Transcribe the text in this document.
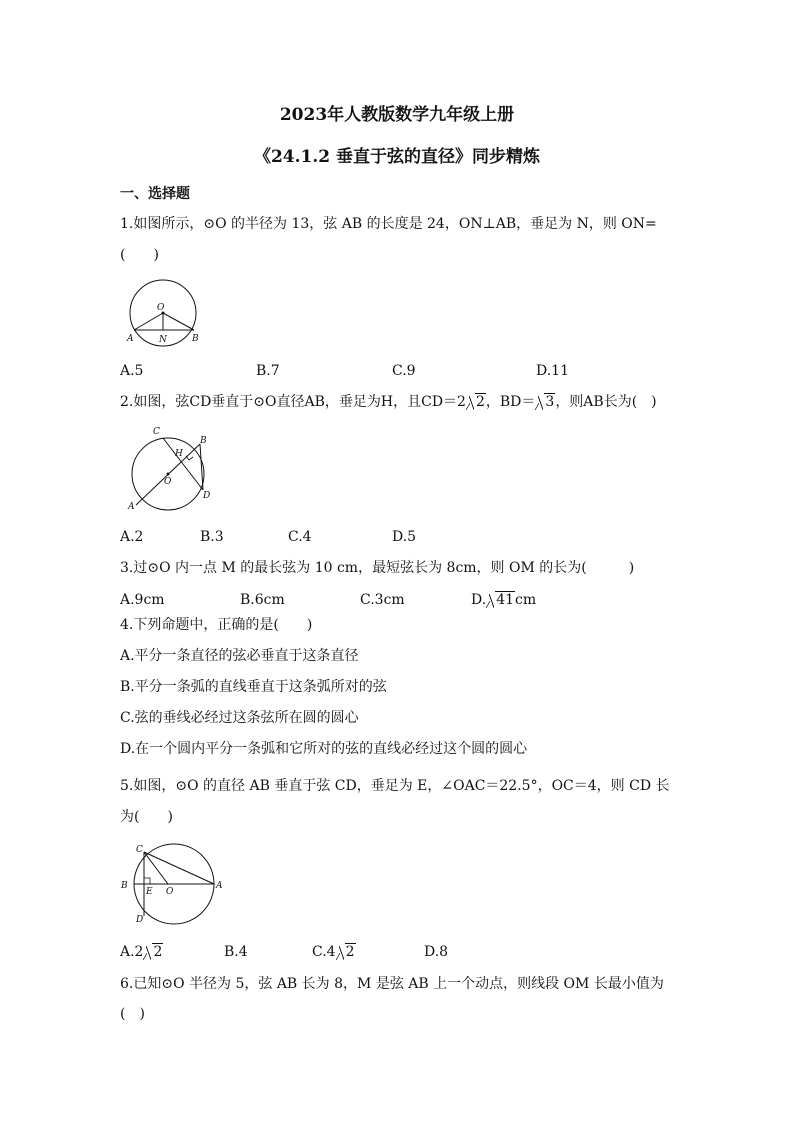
2023年人教版数学九年级上册
《24.1.2 垂直于弦的直径》同步精炼
一、选择题
1.如图所示，⊙O 的半径为 13，弦 AB 的长度是 24，ON⊥AB，垂足为 N，则 ON=
(　　)
O
A	N	B
A.5	B.7	C.9	D.11
2.如图，弦CD垂直于⊙O直径AB，垂足为H，且CD＝2 2，BD＝ 3，则AB长为(　)
C
B
H
O
A
D
A.2	B.3	C.4	D.5
3.过⊙O 内一点 M 的最长弦为 10 cm，最短弦长为 8cm，则 OM 的长为(　　　)
A.9cm	B.6cm	C.3cm	D. 41cm
4.下列命题中，正确的是(　　)
A.平分一条直径的弦必垂直于这条直径
B.平分一条弧的直线垂直于这条弧所对的弦
C.弦的垂线必经过这条弦所在圆的圆心
D.在一个圆内平分一条弧和它所对的弦的直线必经过这个圆的圆心
5.如图，⊙O 的直径 AB 垂直于弦 CD，垂足为 E，∠OAC＝22.5°，OC＝4，则 CD 长
为(　　)
C
B
E O
A
D
A.2 2	B.4	C.4 2	D.8
6.已知⊙O 半径为 5，弦 AB 长为 8，M 是弦 AB 上一个动点，则线段 OM 长最小值为
(　)
